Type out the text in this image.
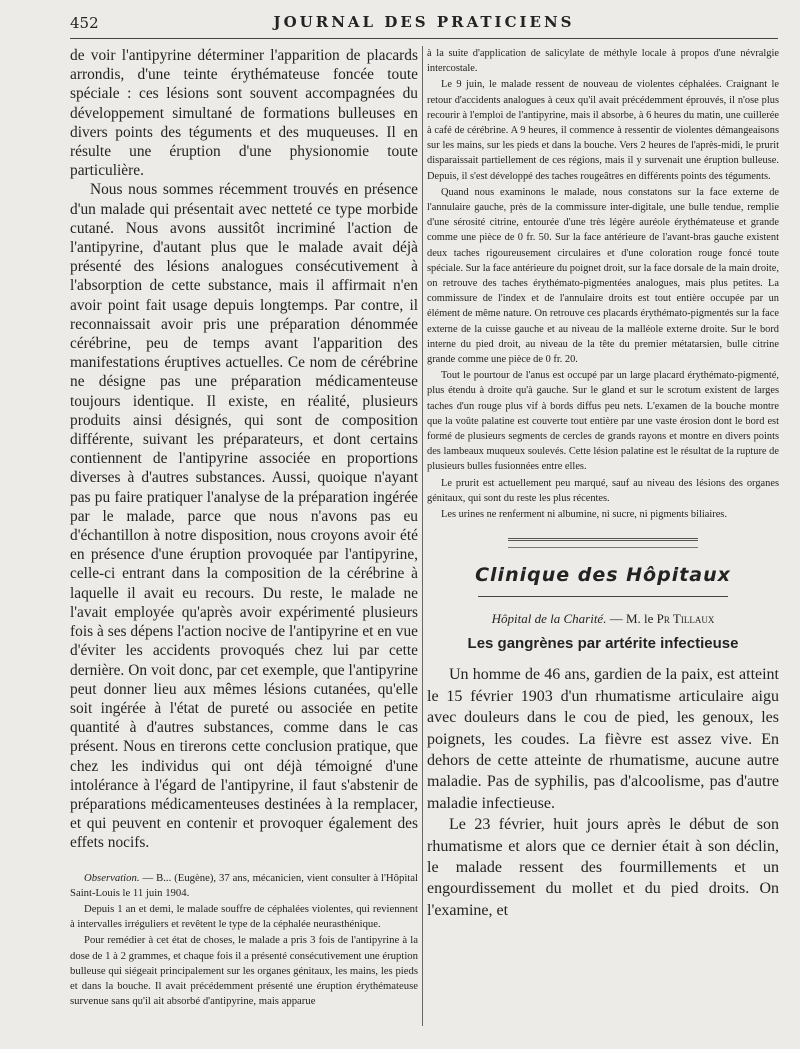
452	JOURNAL DES PRATICIENS

de voir l'antipyrine déterminer l'apparition de placards arrondis, d'une teinte érythémateuse foncée toute spéciale : ces lésions sont souvent accompagnées du développement simultané de formations bulleuses en divers points des téguments et des muqueuses. Il en résulte une éruption d'une physionomie toute particulière.

Nous nous sommes récemment trouvés en présence d'un malade qui présentait avec netteté ce type morbide cutané. Nous avons aussitôt incriminé l'action de l'antipyrine, d'autant plus que le malade avait déjà présenté des lésions analogues consécutivement à l'absorption de cette substance, mais il affirmait n'en avoir point fait usage depuis longtemps. Par contre, il reconnaissait avoir pris une préparation dénommée cérébrine, peu de temps avant l'apparition des manifestations éruptives actuelles. Ce nom de cérébrine ne désigne pas une préparation médicamenteuse toujours identique. Il existe, en réalité, plusieurs produits ainsi désignés, qui sont de composition différente, suivant les préparateurs, et dont certains contiennent de l'antipyrine associée en proportions diverses à d'autres substances. Aussi, quoique n'ayant pas pu faire pratiquer l'analyse de la préparation ingérée par le malade, parce que nous n'avons pas eu d'échantillon à notre disposition, nous croyons avoir été en présence d'une éruption provoquée par l'antipyrine, celle-ci entrant dans la composition de la cérébrine à laquelle il avait eu recours. Du reste, le malade ne l'avait employée qu'après avoir expérimenté plusieurs fois à ses dépens l'action nocive de l'antipyrine et en vue d'éviter les accidents provoqués chez lui par cette dernière. On voit donc, par cet exemple, que l'antipyrine peut donner lieu aux mêmes lésions cutanées, qu'elle soit ingérée à l'état de pureté ou associée en petite quantité à d'autres substances, comme dans le cas présent. Nous en tirerons cette conclusion pratique, que chez les individus qui ont déjà témoigné d'une intolérance à l'égard de l'antipyrine, il faut s'abstenir de préparations médicamenteuses destinées à la remplacer, et qui peuvent en contenir et provoquer également des effets nocifs.

Observation. — B... (Eugène), 37 ans, mécanicien, vient consulter à l'Hôpital Saint-Louis le 11 juin 1904.

Depuis 1 an et demi, le malade souffre de céphalées violentes, qui reviennent à intervalles irréguliers et revêtent le type de la céphalée neurasthénique.

Pour remédier à cet état de choses, le malade a pris 3 fois de l'antipyrine à la dose de 1 à 2 grammes, et chaque fois il a présenté consécutivement une éruption bulleuse qui siégeait principalement sur les organes génitaux, les mains, les pieds et dans la bouche. Il avait précédemment présenté une éruption érythémateuse survenue sans qu'il ait absorbé d'antipyrine, mais apparue

à la suite d'application de salicylate de méthyle locale à propos d'une névralgie intercostale.

Le 9 juin, le malade ressent de nouveau de violentes céphalées. Craignant le retour d'accidents analogues à ceux qu'il avait précédemment éprouvés, il n'ose plus recourir à l'emploi de l'antipyrine, mais il absorbe, à 6 heures du matin, une cuillerée à café de cérébrine. A 9 heures, il commence à ressentir de violentes démangeaisons sur les mains, sur les pieds et dans la bouche. Vers 2 heures de l'après-midi, le prurit disparaissait partiellement de ces régions, mais il y survenait une éruption bulleuse. Depuis, il s'est développé des taches rougeâtres en différents points des téguments.

Quand nous examinons le malade, nous constatons sur la face externe de l'annulaire gauche, près de la commissure inter-digitale, une bulle tendue, remplie d'une sérosité citrine, entourée d'une très légère auréole érythémateuse et grande comme une pièce de 0 fr. 50. Sur la face antérieure de l'avant-bras gauche existent deux taches rigoureusement circulaires et d'une coloration rouge foncé toute spéciale. Sur la face antérieure du poignet droit, sur la face dorsale de la main droite, on retrouve des taches érythémato-pigmentées analogues, mais plus petites. La commissure de l'index et de l'annulaire droits est tout entière occupée par un élément de même nature. On retrouve ces placards érythémato-pigmentés sur la face externe de la cuisse gauche et au niveau de la malléole externe droite. Sur le bord interne du pied droit, au niveau de la tête du premier métatarsien, bulle citrine grande comme une pièce de 0 fr. 20.

Tout le pourtour de l'anus est occupé par un large placard érythémato-pigmenté, plus étendu à droite qu'à gauche. Sur le gland et sur le scrotum existent de larges taches d'un rouge plus vif à bords diffus peu nets. L'examen de la bouche montre que la voûte palatine est couverte tout entière par une vaste érosion dont le bord est formé de plusieurs segments de cercles de grands rayons et montre en divers points des lambeaux muqueux soulevés. Cette lésion palatine est le résultat de la rupture de plusieurs bulles fusionnées entre elles.

Le prurit est actuellement peu marqué, sauf au niveau des lésions des organes génitaux, qui sont du reste les plus récentes.

Les urines ne renferment ni albumine, ni sucre, ni pigments biliaires.

Clinique des Hôpitaux
Hôpital de la Charité. — M. le Pr Tillaux
Les gangrènes par artérite infectieuse

Un homme de 46 ans, gardien de la paix, est atteint le 15 février 1903 d'un rhumatisme articulaire aigu avec douleurs dans le cou de pied, les genoux, les poignets, les coudes. La fièvre est assez vive. En dehors de cette atteinte de rhumatisme, aucune autre maladie. Pas de syphilis, pas d'alcoolisme, pas d'autre maladie infectieuse.

Le 23 février, huit jours après le début de son rhumatisme et alors que ce dernier était à son déclin, le malade ressent des fourmillements et un engourdissement du mollet et du pied droits. On l'examine, et
